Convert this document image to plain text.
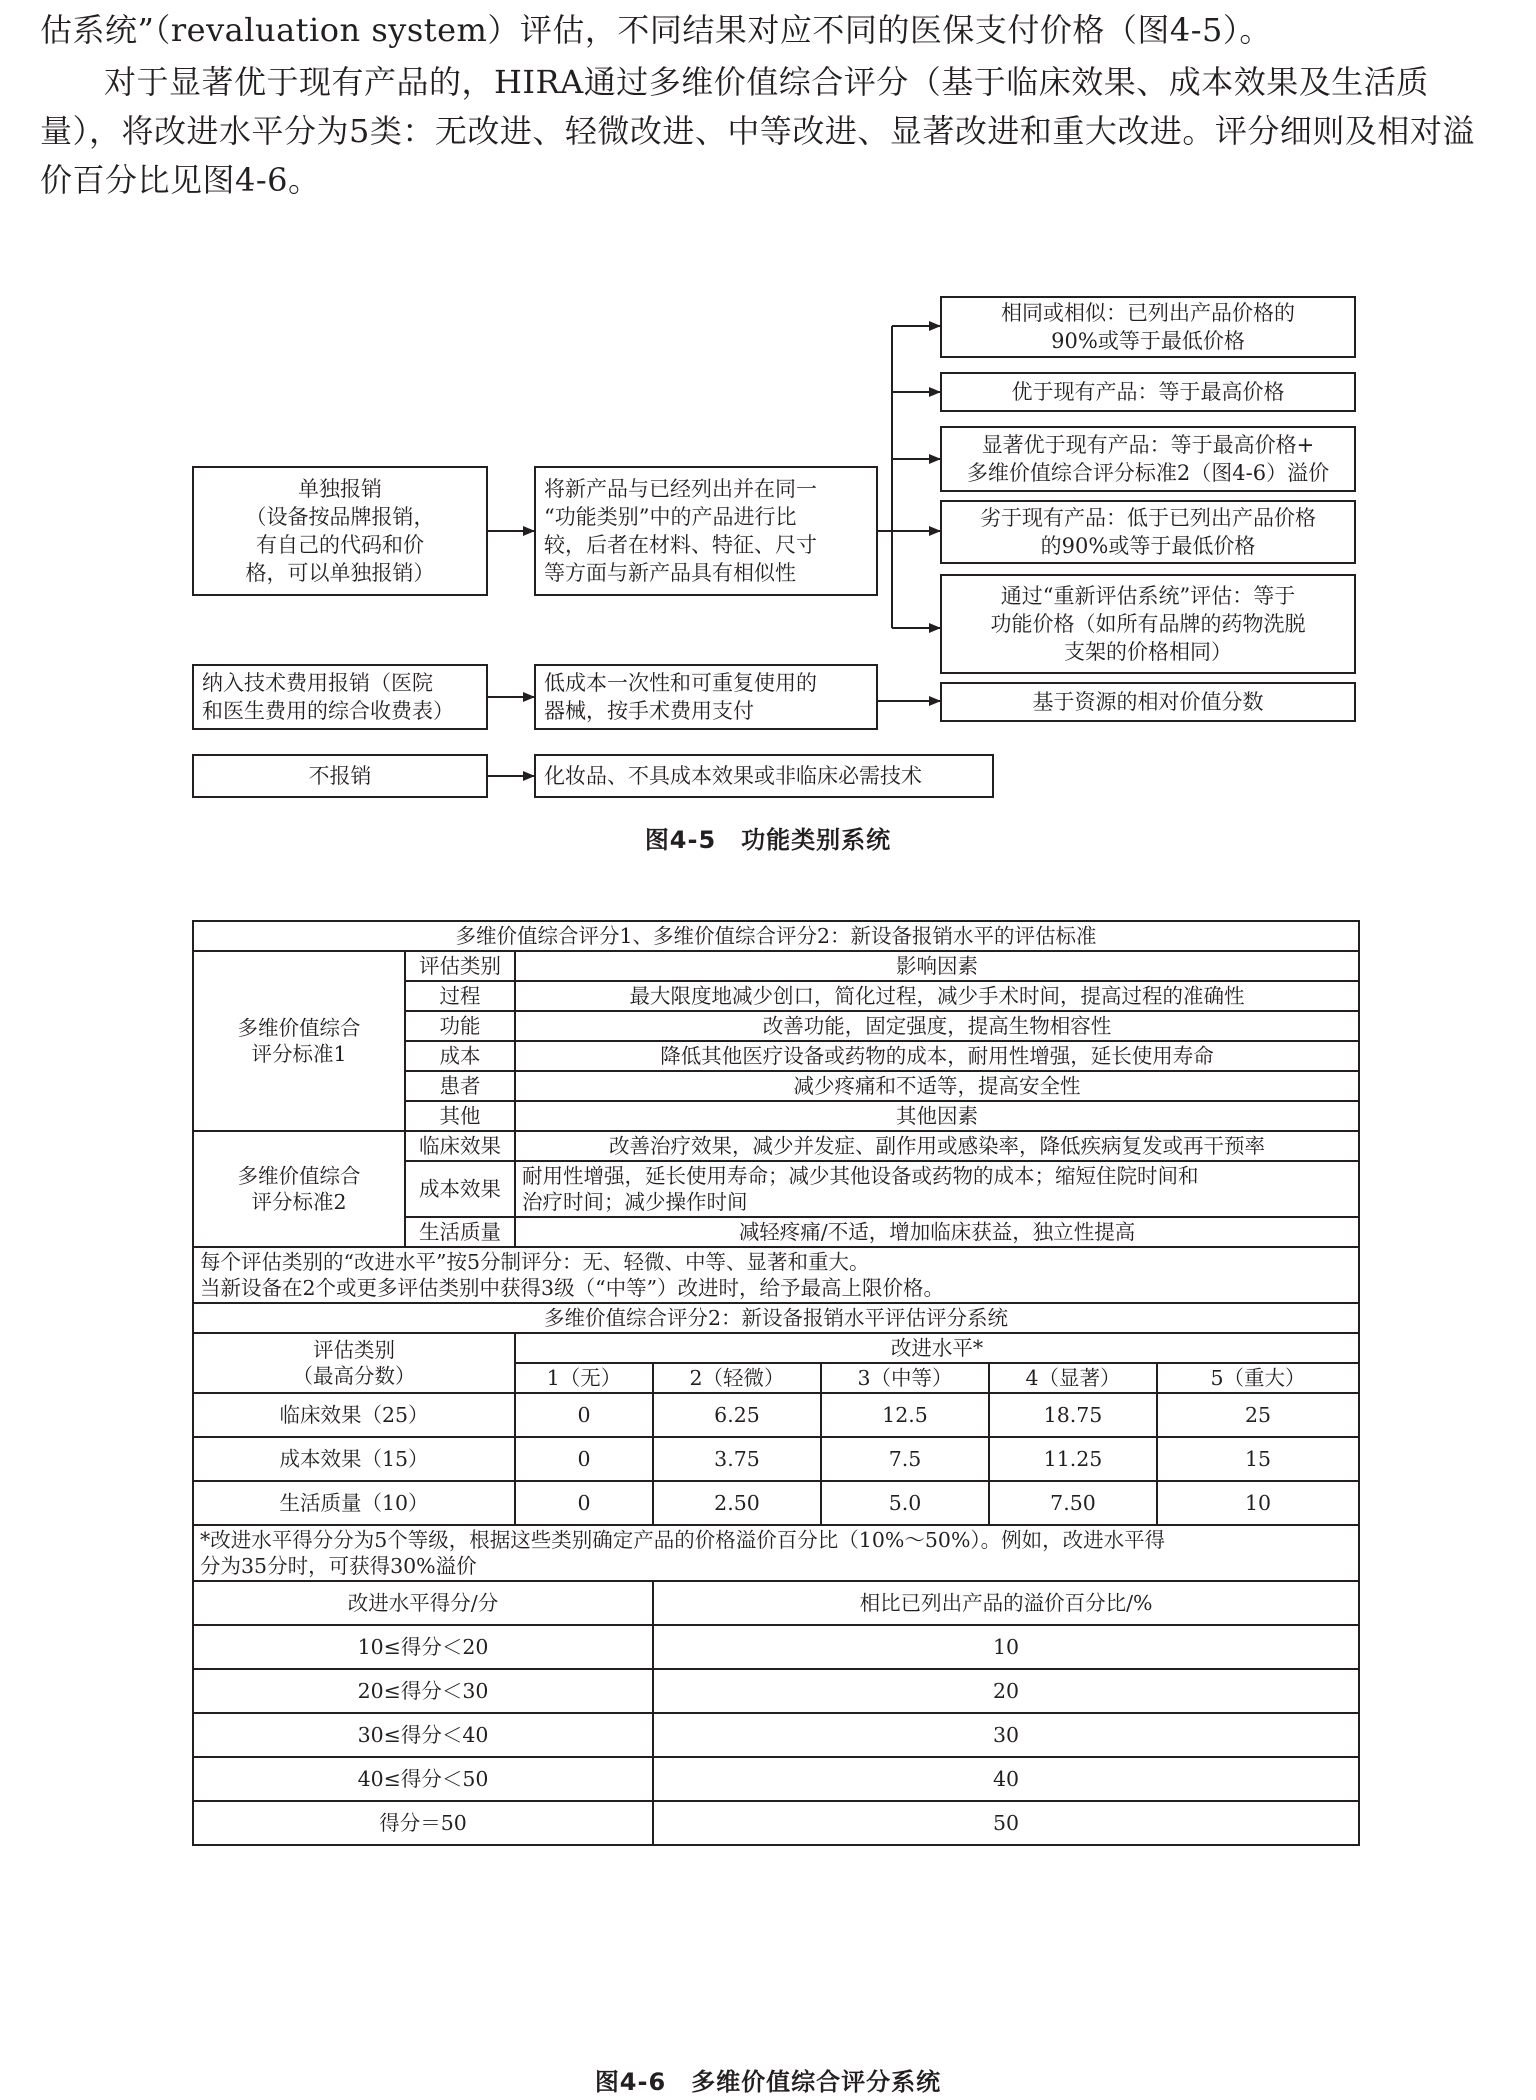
估系统”（revaluation system）评估，不同结果对应不同的医保支付价格（图4-5）。

对于显著优于现有产品的，HIRA通过多维价值综合评分（基于临床效果、成本效果及生活质量），将改进水平分为5类：无改进、轻微改进、中等改进、显著改进和重大改进。评分细则及相对溢价百分比见图4-6。

单独报销
（设备按品牌报销，
有自己的代码和价
格，可以单独报销）
将新产品与已经列出并在同一
“功能类别”中的产品进行比
较，后者在材料、特征、尺寸
等方面与新产品具有相似性
相同或相似：已列出产品价格的
90%或等于最低价格
优于现有产品：等于最高价格
显著优于现有产品：等于最高价格+
多维价值综合评分标准2（图4-6）溢价
劣于现有产品：低于已列出产品价格
的90%或等于最低价格
通过“重新评估系统”评估：等于
功能价格（如所有品牌的药物洗脱
支架的价格相同）
纳入技术费用报销（医院
和医生费用的综合收费表）
低成本一次性和可重复使用的
器械，按手术费用支付	基于资源的相对价值分数
不报销	化妆品、不具成本效果或非临床必需技术
图4-5　功能类别系统
多维价值综合评分1、多维价值综合评分2：新设备报销水平的评估标准						
多维价值综合
评分标准1	评估类别	影响因素				
	过程	最大限度地减少创口，简化过程，减少手术时间，提高过程的准确性				
	功能	改善功能，固定强度，提高生物相容性				
	成本	降低其他医疗设备或药物的成本，耐用性增强，延长使用寿命				
	患者	减少疼痛和不适等，提高安全性				
	其他	其他因素				
多维价值综合
评分标准2	临床效果	改善治疗效果，减少并发症、副作用或感染率，降低疾病复发或再干预率				
	成本效果	耐用性增强，延长使用寿命；减少其他设备或药物的成本；缩短住院时间和
治疗时间；减少操作时间				
	生活质量	减轻疼痛/不适，增加临床获益，独立性提高				
每个评估类别的“改进水平”按5分制评分：无、轻微、中等、显著和重大。
当新设备在2个或更多评估类别中获得3级（“中等”）改进时，给予最高上限价格。						
多维价值综合评分2：新设备报销水平评估评分系统						
评估类别
（最高分数）		改进水平*				
		1（无）	2（轻微）	3（中等）	4（显著）	5（重大）
临床效果（25）		0	6.25	12.5	18.75	25
成本效果（15）		0	3.75	7.5	11.25	15
生活质量（10）		0	2.50	5.0	7.50	10
*改进水平得分分为5个等级，根据这些类别确定产品的价格溢价百分比（10%～50%）。例如，改进水平得
分为35分时，可获得30%溢价						
改进水平得分/分			相比已列出产品的溢价百分比/%			
10≤得分＜20			10			
20≤得分＜30			20			
30≤得分＜40			30			
40≤得分＜50			40			
得分＝50			50			
图4-6　多维价值综合评分系统
